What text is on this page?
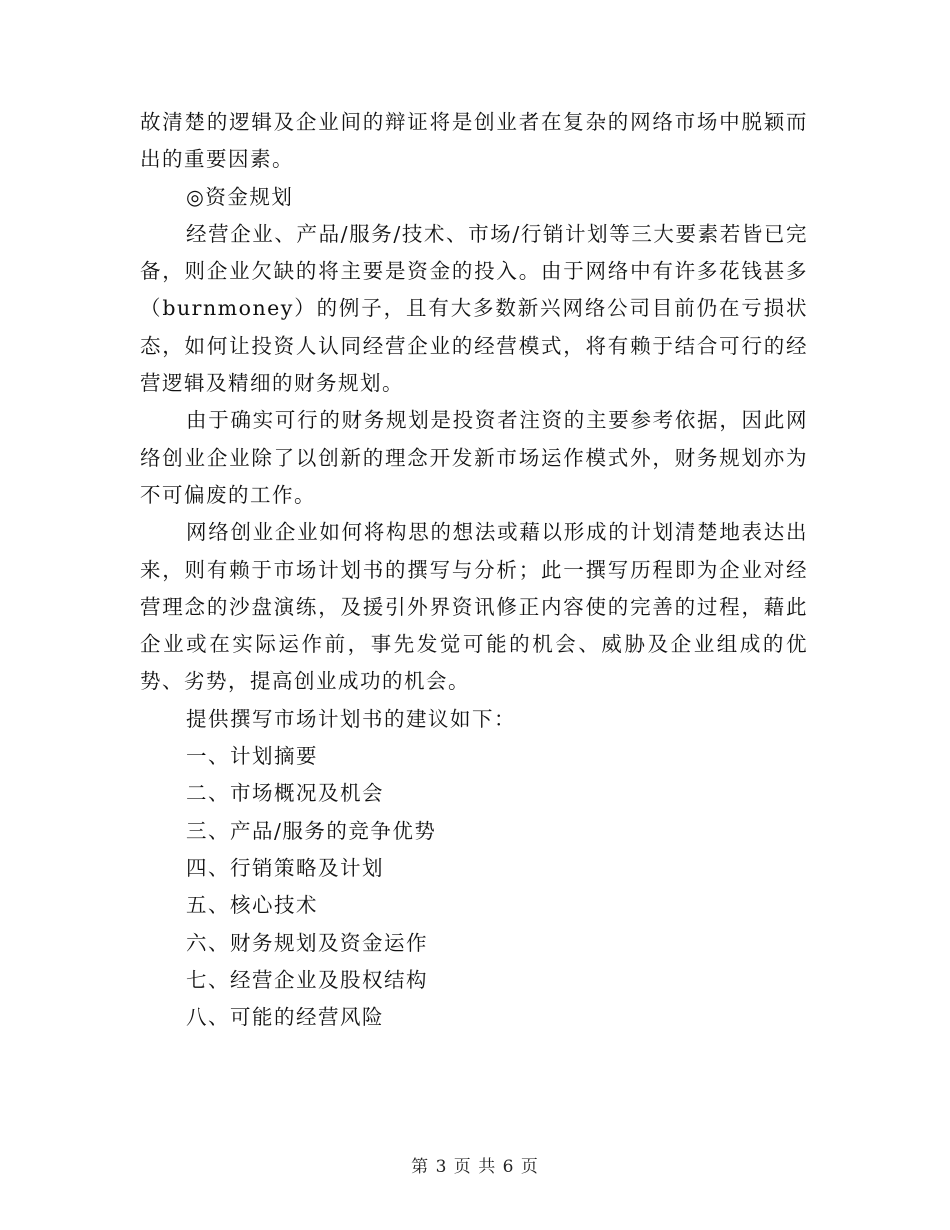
故清楚的逻辑及企业间的辩证将是创业者在复杂的网络市场中脱颖而出的重要因素。

◎资金规划

经营企业、产品/服务/技术、市场/行销计划等三大要素若皆已完备，则企业欠缺的将主要是资金的投入。由于网络中有许多花钱甚多（burnmoney）的例子，且有大多数新兴网络公司目前仍在亏损状态，如何让投资人认同经营企业的经营模式，将有赖于结合可行的经营逻辑及精细的财务规划。

由于确实可行的财务规划是投资者注资的主要参考依据，因此网络创业企业除了以创新的理念开发新市场运作模式外，财务规划亦为不可偏废的工作。

网络创业企业如何将构思的想法或藉以形成的计划清楚地表达出来，则有赖于市场计划书的撰写与分析；此一撰写历程即为企业对经营理念的沙盘演练，及援引外界资讯修正内容使的完善的过程，藉此企业或在实际运作前，事先发觉可能的机会、威胁及企业组成的优势、劣势，提高创业成功的机会。

提供撰写市场计划书的建议如下：

一、计划摘要

二、市场概况及机会

三、产品/服务的竞争优势

四、行销策略及计划

五、核心技术

六、财务规划及资金运作

七、经营企业及股权结构

八、可能的经营风险

第 3 页 共 6 页
